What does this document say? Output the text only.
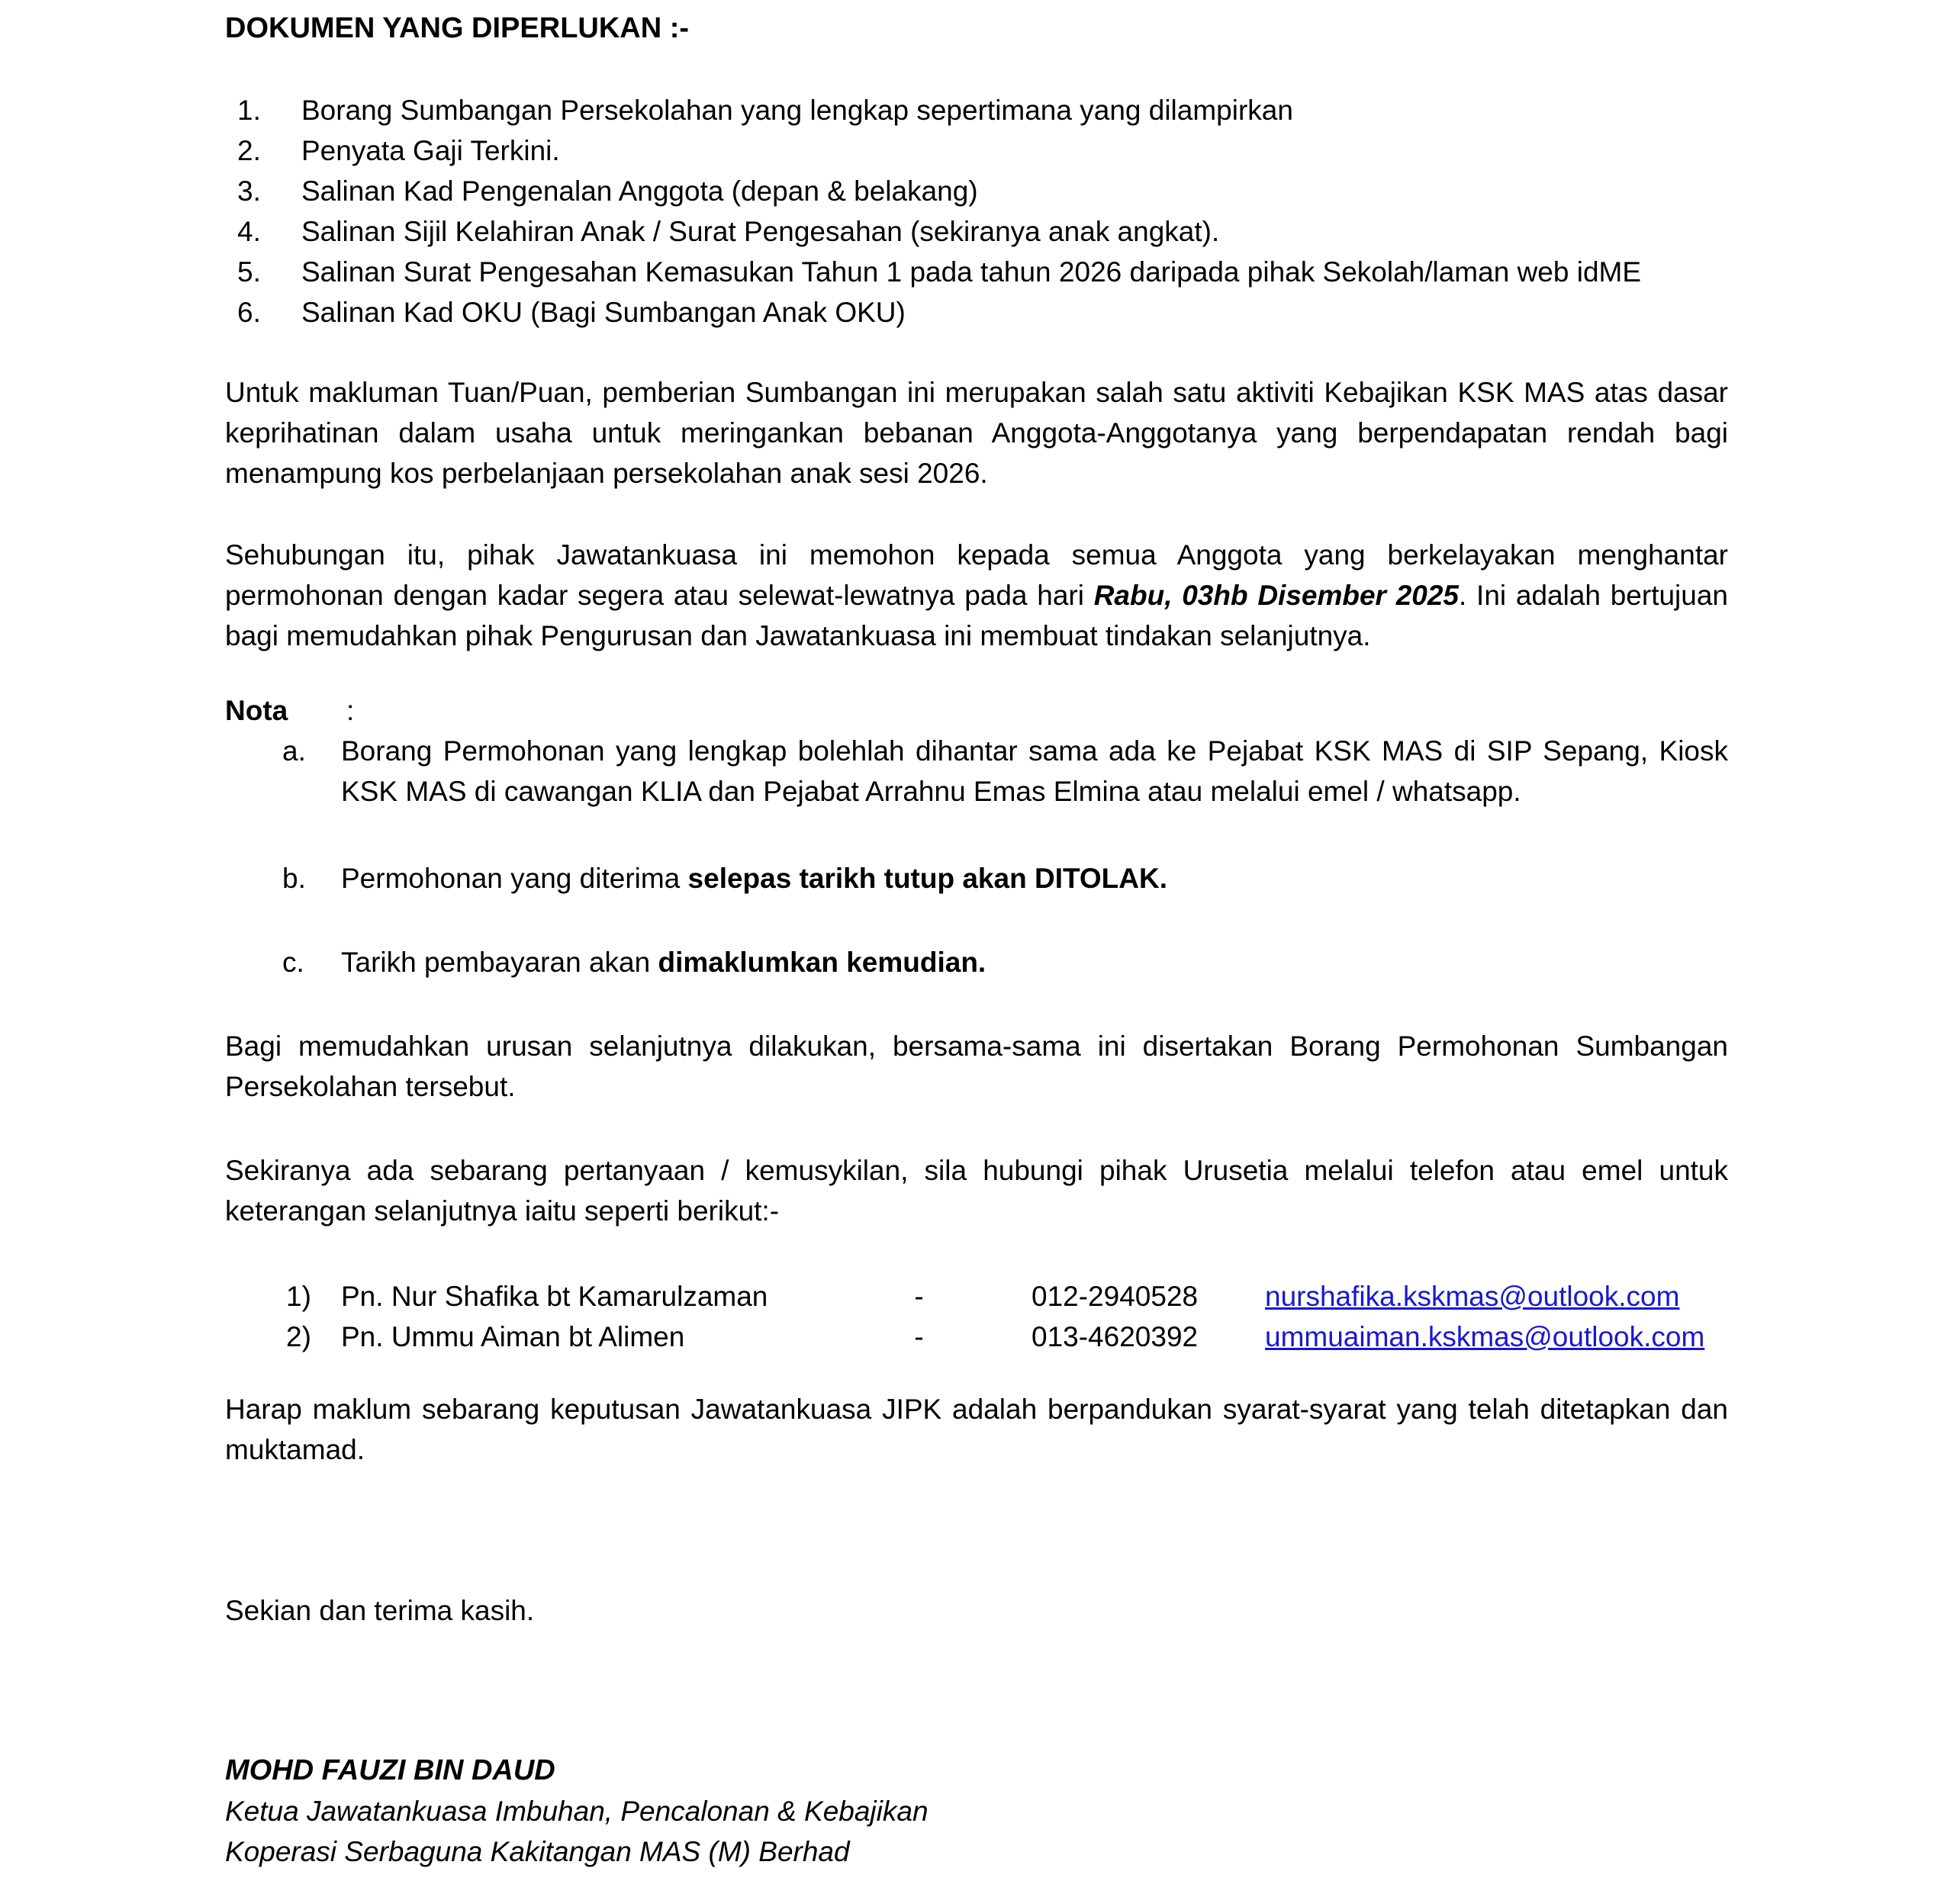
DOKUMEN YANG DIPERLUKAN :-
1.	Borang Sumbangan Persekolahan yang lengkap sepertimana yang dilampirkan
2.	Penyata Gaji Terkini.
3.	Salinan Kad Pengenalan Anggota (depan & belakang)
4.	Salinan Sijil Kelahiran Anak / Surat Pengesahan (sekiranya anak angkat).
5.	Salinan Surat Pengesahan Kemasukan Tahun 1 pada tahun 2026 daripada pihak Sekolah/laman web idME
6.	Salinan Kad OKU (Bagi Sumbangan Anak OKU)

Untuk makluman Tuan/Puan, pemberian Sumbangan ini merupakan salah satu aktiviti Kebajikan KSK MAS atas dasar keprihatinan dalam usaha untuk meringankan bebanan Anggota-Anggotanya yang berpendapatan rendah bagi menampung kos perbelanjaan persekolahan anak sesi 2026.

Sehubungan itu, pihak Jawatankuasa ini memohon kepada semua Anggota yang berkelayakan menghantar permohonan dengan kadar segera atau selewat-lewatnya pada hari Rabu, 03hb Disember 2025. Ini adalah bertujuan bagi memudahkan pihak Pengurusan dan Jawatankuasa ini membuat tindakan selanjutnya.

Nota	:
a.	Borang Permohonan yang lengkap bolehlah dihantar sama ada ke Pejabat KSK MAS di SIP Sepang, Kiosk KSK MAS di cawangan KLIA dan Pejabat Arrahnu Emas Elmina atau melalui emel / whatsapp.
b.	Permohonan yang diterima selepas tarikh tutup akan DITOLAK.
c.	Tarikh pembayaran akan dimaklumkan kemudian.

Bagi memudahkan urusan selanjutnya dilakukan, bersama-sama ini disertakan Borang Permohonan Sumbangan Persekolahan tersebut.

Sekiranya ada sebarang pertanyaan / kemusykilan, sila hubungi pihak Urusetia melalui telefon atau emel untuk keterangan selanjutnya iaitu seperti berikut:-

1)	Pn. Nur Shafika bt Kamarulzaman	-	012-2940528	nurshafika.kskmas@outlook.com
2)	Pn. Ummu Aiman bt Alimen	-	013-4620392	ummuaiman.kskmas@outlook.com

Harap maklum sebarang keputusan Jawatankuasa JIPK adalah berpandukan syarat-syarat yang telah ditetapkan dan muktamad.

Sekian dan terima kasih.

MOHD FAUZI BIN DAUD
Ketua Jawatankuasa Imbuhan, Pencalonan & Kebajikan
Koperasi Serbaguna Kakitangan MAS (M) Berhad
